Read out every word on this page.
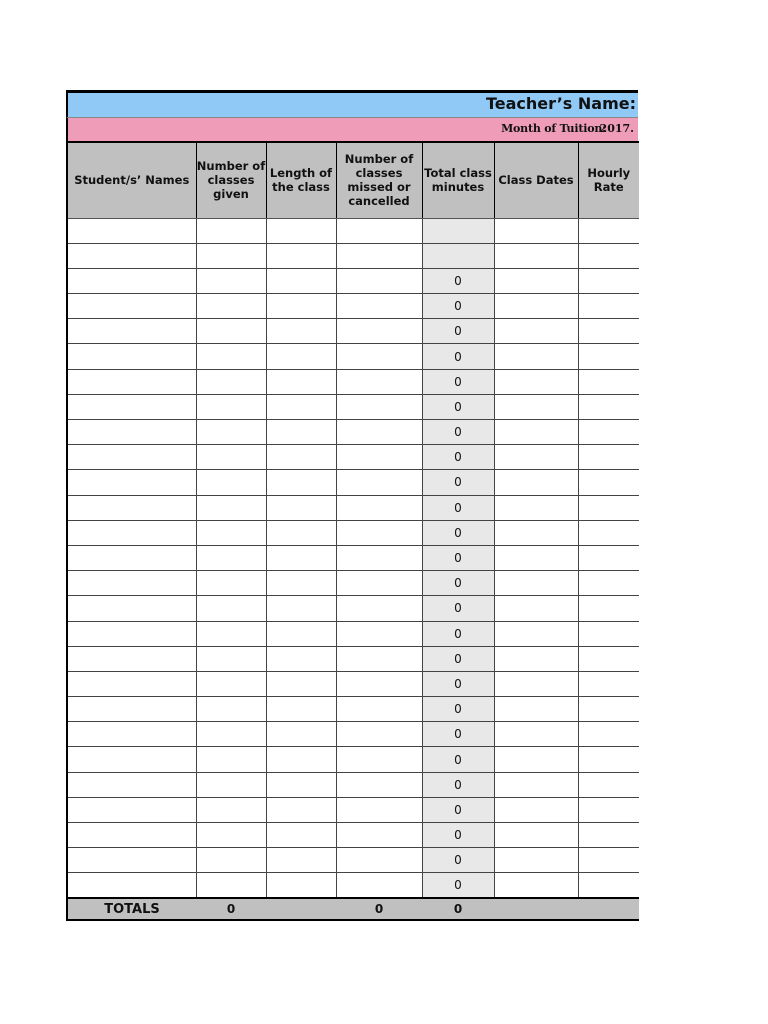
Teacher’s Name:
Month of Tuition:
2017.
Student/s’ Names	Number of classes given	Length of the class	Number of classes missed or cancelled	Total class minutes	Class Dates	Hourly Rate

				0		
				0		
				0		
				0		
				0		
				0		
				0		
				0		
				0		
				0		
				0		
				0		
				0		
				0		
				0		
				0		
				0		
				0		
				0		
				0		
				0		
				0		
				0		
				0		
				0		
TOTALS	0		0	0		
